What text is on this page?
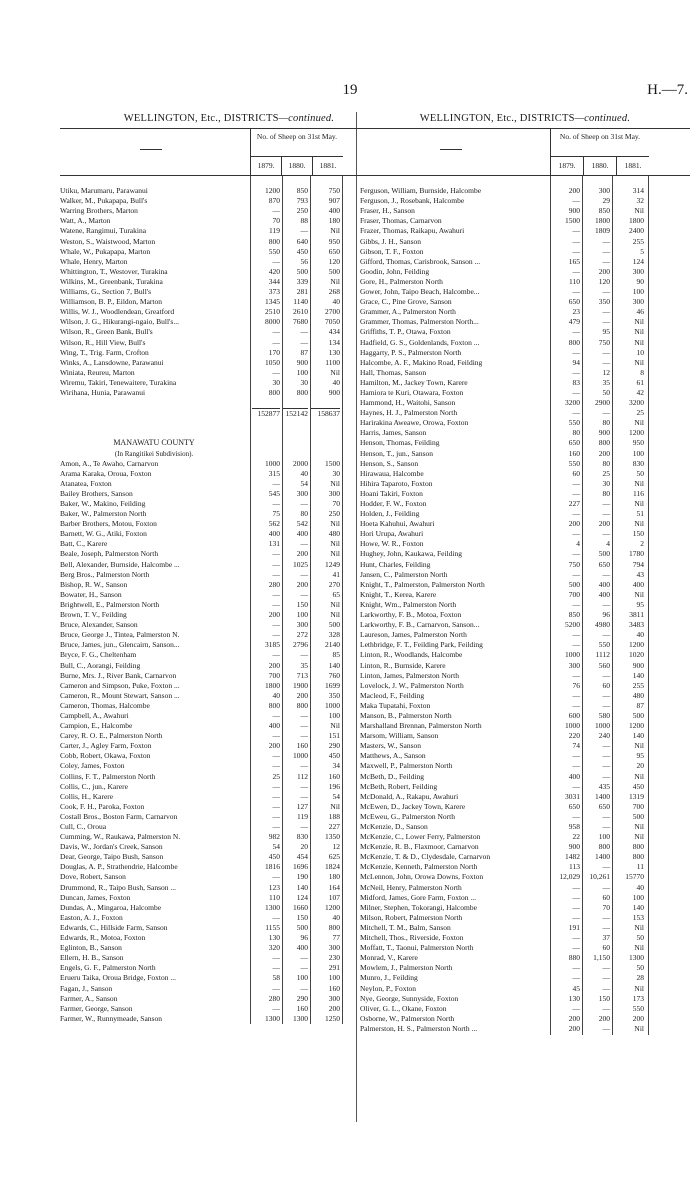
19	H.—7.
WELLINGTON, Etc., DISTRICTS—continued.
No. of Sheep on 31st May.
1879.	1880.	1881.
Utiku, Marumaru, Parawanui	1200	850	750
Walker, M., Pukapapa, Bull's	870	793	907
Warring Brothers, Marton	—	250	400
Watt, A., Marton	70	88	180
Watene, Rangimui, Turakina	119	—	Nil
Weston, S., Waistwood, Marton	800	640	950
Whale, W., Pukapapa, Marton	550	450	650
Whale, Henry, Marton	—	56	120
Whittington, T., Westover, Turakina	420	500	500
Wilkins, M., Greenbank, Turakina	344	339	Nil
Williams, G., Section 7, Bull's	373	281	268
Williamson, B. P., Eildon, Marton	1345	1140	40
Willis, W. J., Woodlendean, Greatford	2510	2610	2700
Wilson, J. G., Hikurangi-ngaio, Bull's...	8000	7680	7050
Wilson, R., Green Bank, Bull's	—	—	434
Wilson, R., Hill View, Bull's	—	—	134
Wing, T., Trig. Farm, Crofton	170	87	130
Winks, A., Lansdowne, Parawanui	1050	900	1100
Winiata, Reureu, Marton	—	100	Nil
Wiremu, Takiri, Tenewaitere, Turakina	30	30	40
Wirihana, Hunia, Parawanui	800	800	900
152877 152142	158637
MANAWATU COUNTY
(In Rangitikei Subdivision).
Amon, A., Te Awaho, Carnarvon	1000	2000	1500
Arama Karaka, Oroua, Foxton	315	40	30
Atanatea, Foxton	—	54	Nil
Bailey Brothers, Sanson	545	300	300
Baker, W., Makino, Feilding	—	—	70
Baker, W., Palmerston North	75	80	250
Barber Brothers, Motou, Foxton	562	542	Nil
Barnett, W. G., Atiki, Foxton	400	400	480
Batt, C., Karere	131	—	Nil
Beale, Joseph, Palmerston North	—	200	Nil
Bell, Alexander, Burnside, Halcombe ...	—	1025	1249
Berg Bros., Palmerston North	—	—	41
Bishop, R. W., Sanson	280	200	270
Bowater, H., Sanson	—	—	65
Brightwell, E., Palmerston North	—	150	Nil
Brown, T. V., Feilding	200	100	Nil
Bruce, Alexander, Sanson	—	300	500
Bruce, George J., Tintea, Palmerston N.	—	272	328
Bruce, James, jun., Glencairn, Sanson...	3185	2796	2140
Bryce, F. G., Cheltenham	—	—	85
Bull, C., Aorangi, Feilding	200	35	140
Burne, Mrs. J., River Bank, Carnarvon	700	713	760
Cameron and Simpson, Puke, Foxton ...	1800	1900	1699
Cameron, R., Mount Stewart, Sanson ...	40	200	350
Cameron, Thomas, Halcombe	800	800	1000
Campbell, A., Awahuri	—	—	100
Campion, E., Halcombe	400	—	Nil
Carey, R. O. E., Palmerston North	—	—	151
Carter, J., Agley Farm, Foxton	200	160	290
Cobb, Robert, Okawa, Foxton	—	1000	450
Coley, James, Foxton	—	—	34
Collins, F. T., Palmerston North	25	112	160
Collis, C., jun., Karere	—	—	196
Collis, H., Karere	—	—	54
Cook, F. H., Paroka, Foxton	—	127	Nil
Costall Bros., Boston Farm, Carnarvon	—	119	188
Cull, C., Oroua	—	—	227
Cumming, W., Raukawa, Palmerston N.	982	830	1350
Davis, W., Jordan's Creek, Sanson	54	20	12
Dear, George, Taipo Bush, Sanson	450	454	625
Douglas, A. P., Strathendrie, Halcombe	1816	1696	1824
Dove, Robert, Sanson	—	190	180
Drummond, R., Taipo Bush, Sanson ...	123	140	164
Duncan, James, Foxton	110	124	107
Dundas, A., Mingaroa, Halcombe	1300	1660	1200
Easton, A. J., Foxton	—	150	40
Edwards, C., Hillside Farm, Sanson	1155	500	800
Edwards, R., Motoa, Foxton	130	96	77
Eglinton, B., Sanson	320	400	300
Ellern, H. B., Sanson	—	—	230
Engels, G. F., Palmerston North	—	—	291
Erueru Taika, Oroua Bridge, Foxton ...	58	100	100
Fagan, J., Sanson	—	—	160
Farmer, A., Sanson	280	290	300
Farmer, George, Sanson	—	160	200
Farmer, W., Runnymeade, Sanson	1300	1300	1250
WELLINGTON, Etc., DISTRICTS—continued.
No. of Sheep on 31st May.
1879.	1880.	1881.
Ferguson, William, Burnside, Halcombe	200	300	314
Ferguson, J., Rosebank, Halcombe	—	29	32
Fraser, H., Sanson	900	850	Nil
Fraser, Thomas, Carnarvon	1500	1800	1800
Frazer, Thomas, Raikapu, Awahuri	—	1809	2400
Gibbs, J. H., Sanson	—	—	255
Gibson, T. F., Foxton	—	—	5
Gifford, Thomas, Carisbrook, Sanson ...	165	—	124
Goodin, John, Feilding	—	200	300
Gore, H., Palmerston North	110	120	90
Gower, John, Taipo Beach, Halcombe...	—	—	100
Grace, C., Pine Grove, Sanson	650	350	300
Grammer, A., Palmerston North	23	—	46
Grammer, Thomas, Palmerston North...	479	—	Nil
Griffiths, T. P., Otawa, Foxton	—	95	Nil
Hadfield, G. S., Goldenlands, Foxton ...	800	750	Nil
Haggarty, P. S., Palmerston North	—	—	10
Halcombe, A. F., Makino Road, Feilding	94	—	Nil
Hall, Thomas, Sanson	—	12	8
Hamilton, M., Jackey Town, Karere	83	35	61
Hamiora te Kuri, Otawara, Foxton	—	50	42
Hammond, H., Waitohi, Sanson	3200	2900	3200
Haynes, H. J., Palmerston North	—	—	25
Harirakina Aweawe, Orowa, Foxton	550	80	Nil
Harris, James, Sanson	80	900	1200
Henson, Thomas, Feilding	650	800	950
Henson, T., jun., Sanson	160	200	100
Henson, S., Sanson	550	80	830
Hirawaua, Halcombe	60	25	50
Hihira Taparoto, Foxton	—	30	Nil
Hoani Takiri, Foxton	—	80	116
Hodder, F. W., Foxton	227	—	Nil
Holden, J., Feilding	—	—	51
Hoeta Kahuhui, Awahuri	200	200	Nil
Hori Urupa, Awahuri	—	—	150
Howe, W. R., Foxton	4	4	2
Hughey, John, Kaukawa, Feilding	—	500	1780
Hunt, Charles, Feilding	750	650	794
Jansen, C., Palmerston North	—	—	43
Knight, T., Palmerston, Palmerston North	500	400	400
Knight, T., Kerea, Karere	700	400	Nil
Knight, Wm., Palmerston North	—	—	95
Larkworthy, F. B., Motoa, Foxton	850	96	3811
Larkworthy, F. B., Carnarvon, Sanson...	5200	4980	3483
Laureson, James, Palmerston North	—	—	40
Lethbridge, F. T., Feilding Park, Feilding	—	550	1200
Linton, R., Woodlands, Halcombe	1000	1112	1020
Linton, R., Burnside, Karere	300	560	900
Linton, James, Palmerston North	—	—	140
Lovelock, J. W., Palmerston North	76	60	255
Macleod, F., Feilding	—	—	480
Maka Tupatahi, Foxton	—	—	87
Manson, B., Palmerston North	600	580	500
Marshalland Brennan, Palmerston North	1000	1000	1200
Marsom, William, Sanson	220	240	140
Masters, W., Sanson	74	—	Nil
Matthews, A., Sanson	—	—	95
Maxwell, P., Palmerston North	—	—	20
McBeth, D., Feilding	400	—	Nil
McBeth, Robert, Feilding	—	435	450
McDonald, A., Rakapu, Awahuri	3031	1400	1319
McEwen, D., Jackey Town, Karere	650	650	700
McEweu, G., Palmerston North	—	—	500
McKenzie, D., Sanson	958	—	Nil
McKenzie, C., Lower Ferry, Palmerston	22	100	Nil
McKenzie, R. B., Flaxmoor, Carnarvon	900	800	800
McKenzie, T. & D., Clydesdale, Carnarvon	1482	1400	800
McKenzie, Kenneth, Palmerston North	113	—	11
McLennon, John, Orowa Downs, Foxton	12,029	10,261	15770
McNeil, Henry, Palmerston North	—	—	40
Midford, James, Gore Farm, Foxton ...	—	60	100
Milner, Stephen, Tokorangi, Halcombe	—	70	140
Milson, Robert, Palmerston North	—	—	153
Mitchell, T. M., Balm, Sanson	191	—	Nil
Mitchell, Thos., Riverside, Foxton	—	37	50
Moffatt, T., Taonui, Palmerston North	—	60	Nil
Monrad, V., Karere	880	1,150	1300
Mowlem, J., Palmerston North	—	—	50
Munro, J., Feilding	—	—	28
Neylon, P., Foxton	45	—	Nil
Nye, George, Sunnyside, Foxton	130	150	173
Oliver, G. L., Okane, Foxton	—	—	550
Osborne, W., Palmerston North	200	200	200
Palmerston, H. S., Palmerston North ...	200	—	Nil
